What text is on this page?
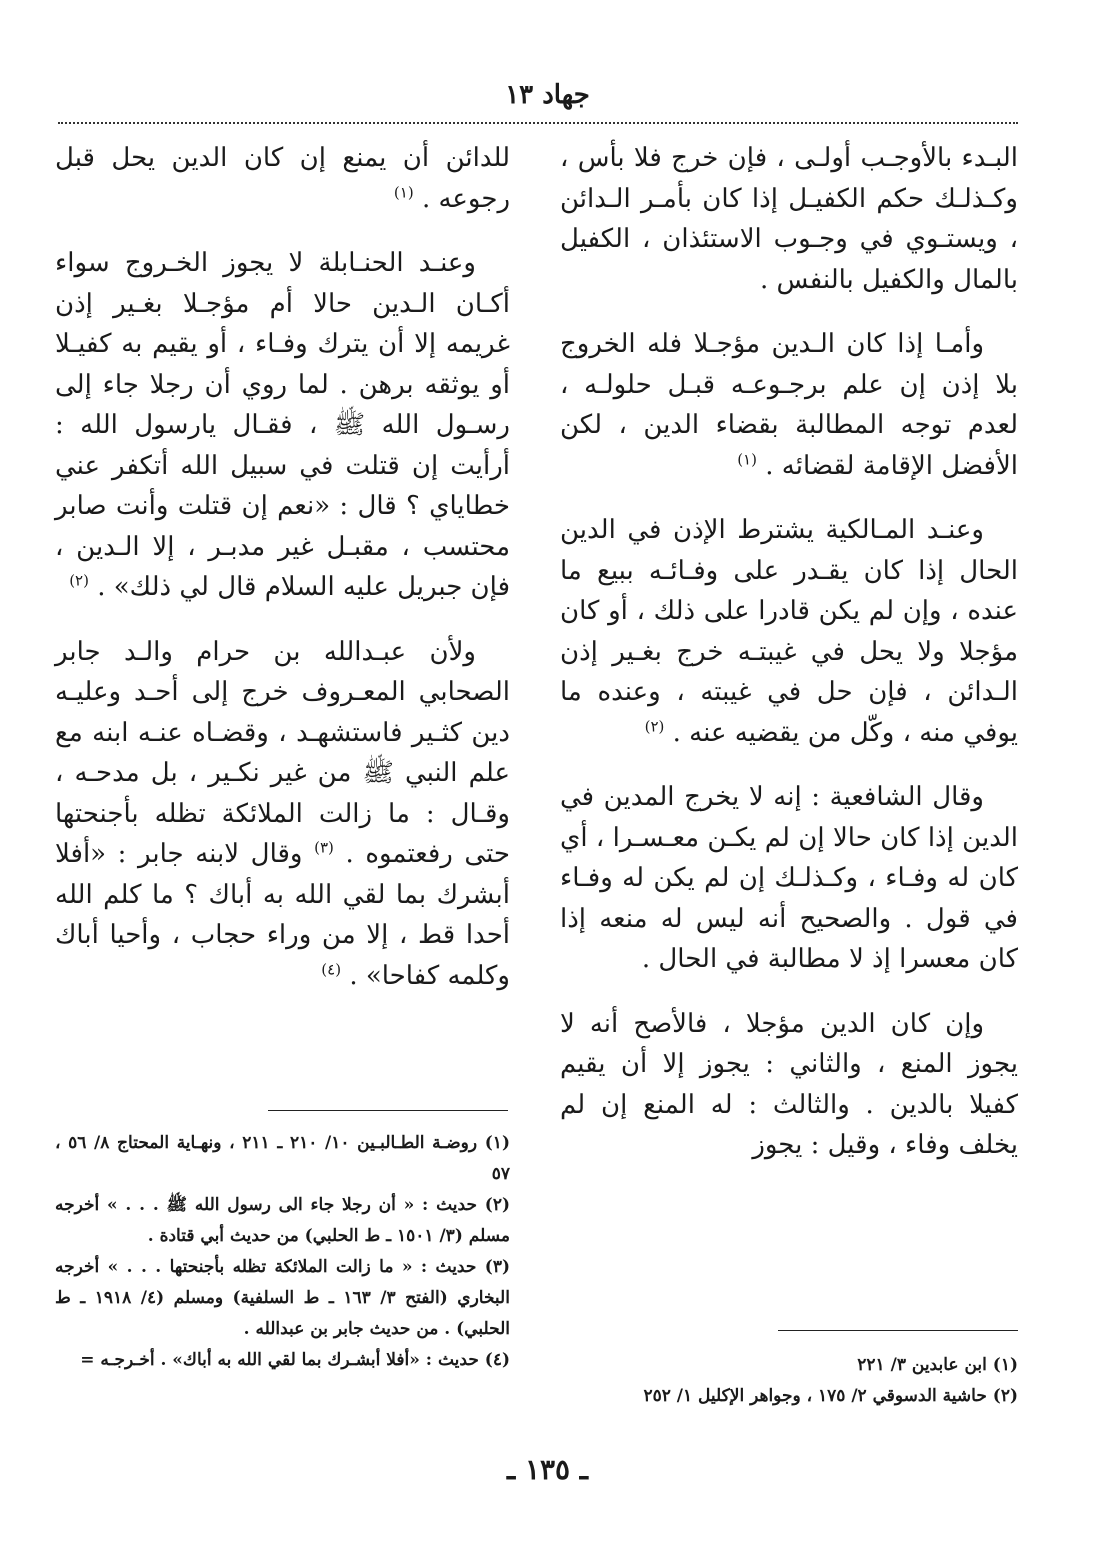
جهاد ١٣

البـدء بالأوجـب أولـى ، فإن خرج فلا بأس ، وكـذلـك حكم الكفيـل إذا كان بأمـر الـدائن ، ويستـوي في وجـوب الاستئذان ، الكفيل بالمال والكفيل بالنفس .

وأمـا إذا كان الـدين مؤجـلا فله الخروج بلا إذن إن علم برجـوعـه قبـل حلولـه ، لعدم توجه المطالبة بقضاء الدين ، لكن الأفضل الإقامة لقضائه . $^{(١)}$

وعنـد المـالكية يشترط الإذن في الدين الحال إذا كان يقـدر على وفـائـه ببيع ما عنده ، وإن لم يكن قادرا على ذلك ، أو كان مؤجلا ولا يحل في غيبتـه خرج بغـير إذن الـدائن ، فإن حل في غيبته ، وعنده ما يوفي منه ، وكّل من يقضيه عنه . $^{(٢)}$

وقال الشافعية : إنه لا يخرج المدين في الدين إذا كان حالا إن لم يكـن معـسـرا ، أي كان له وفـاء ، وكـذلـك إن لم يكن له وفـاء في قول . والصحيح أنه ليس له منعه إذا كان معسرا إذ لا مطالبة في الحال .

وإن كان الدين مؤجلا ، فالأصح أنه لا يجوز المنع ، والثاني : يجوز إلا أن يقيم كفيلا بالدين . والثالث : له المنع إن لم يخلف وفاء ، وقيل : يجوز

للدائن أن يمنع إن كان الدين يحل قبل رجوعه . $^{(١)}$

وعنـد الحنـابلة لا يجوز الخـروج سواء أكـان الـدين حالا أم مؤجـلا بغـير إذن غريمه إلا أن يترك وفـاء ، أو يقيم به كفيـلا أو يوثقه برهن . لما روي أن رجلا جاء إلى رسـول الله ﷺ ، فقـال يارسول الله : أرأيت إن قتلت في سبيل الله أتكفر عني خطاياي ؟ قال : «نعم إن قتلت وأنت صابر محتسب ، مقبـل غير مدبـر ، إلا الـدين ، فإن جبريل عليه السلام قال لي ذلك» . $^{(٢)}$

ولأن عبـدالله بن حرام والـد جابر الصحابي المعـروف خرج إلى أحـد وعليـه دين كثـير فاستشهـد ، وقضـاه عنـه ابنه مع علم النبي ﷺ من غير نكـير ، بل مدحـه ، وقـال : ما زالت الملائكة تظله بأجنحتها حتى رفعتموه . $^{(٣)}$ وقال لابنه جابر : «أفلا أبشرك بما لقي الله به أباك ؟ ما كلم الله أحدا قط ، إلا من وراء حجاب ، وأحيا أباك وكلمه كفاحا» . $^{(٤)}$

(١) ابن عابدين ٣/ ٢٢١

(٢) حاشية الدسوقي ٢/ ١٧٥ ، وجواهر الإكليل ١/ ٢٥٢

(١) روضـة الطـالبـين ١٠/ ٢١٠ ـ ٢١١ ، ونهـاية المحتاج ٨/ ٥٦ ، ٥٧

(٢) حديث : « أن رجلا جاء الى رسول الله ﷺ . . . » أخرجه مسلم (٣/ ١٥٠١ ـ ط الحلبي) من حديث أبي قتادة .

(٣) حديث : « ما زالت الملائكة تظله بأجنحتها . . . » أخرجه البخاري (الفتح ٣/ ١٦٣ ـ ط السلفية) ومسلم (٤/ ١٩١٨ ـ ط الحلبي) . من حديث جابر بن عبدالله .

(٤) حديث : «أفلا أبشـرك بما لقي الله به أباك» . أخـرجـه =

ـ ١٣٥ ـ
